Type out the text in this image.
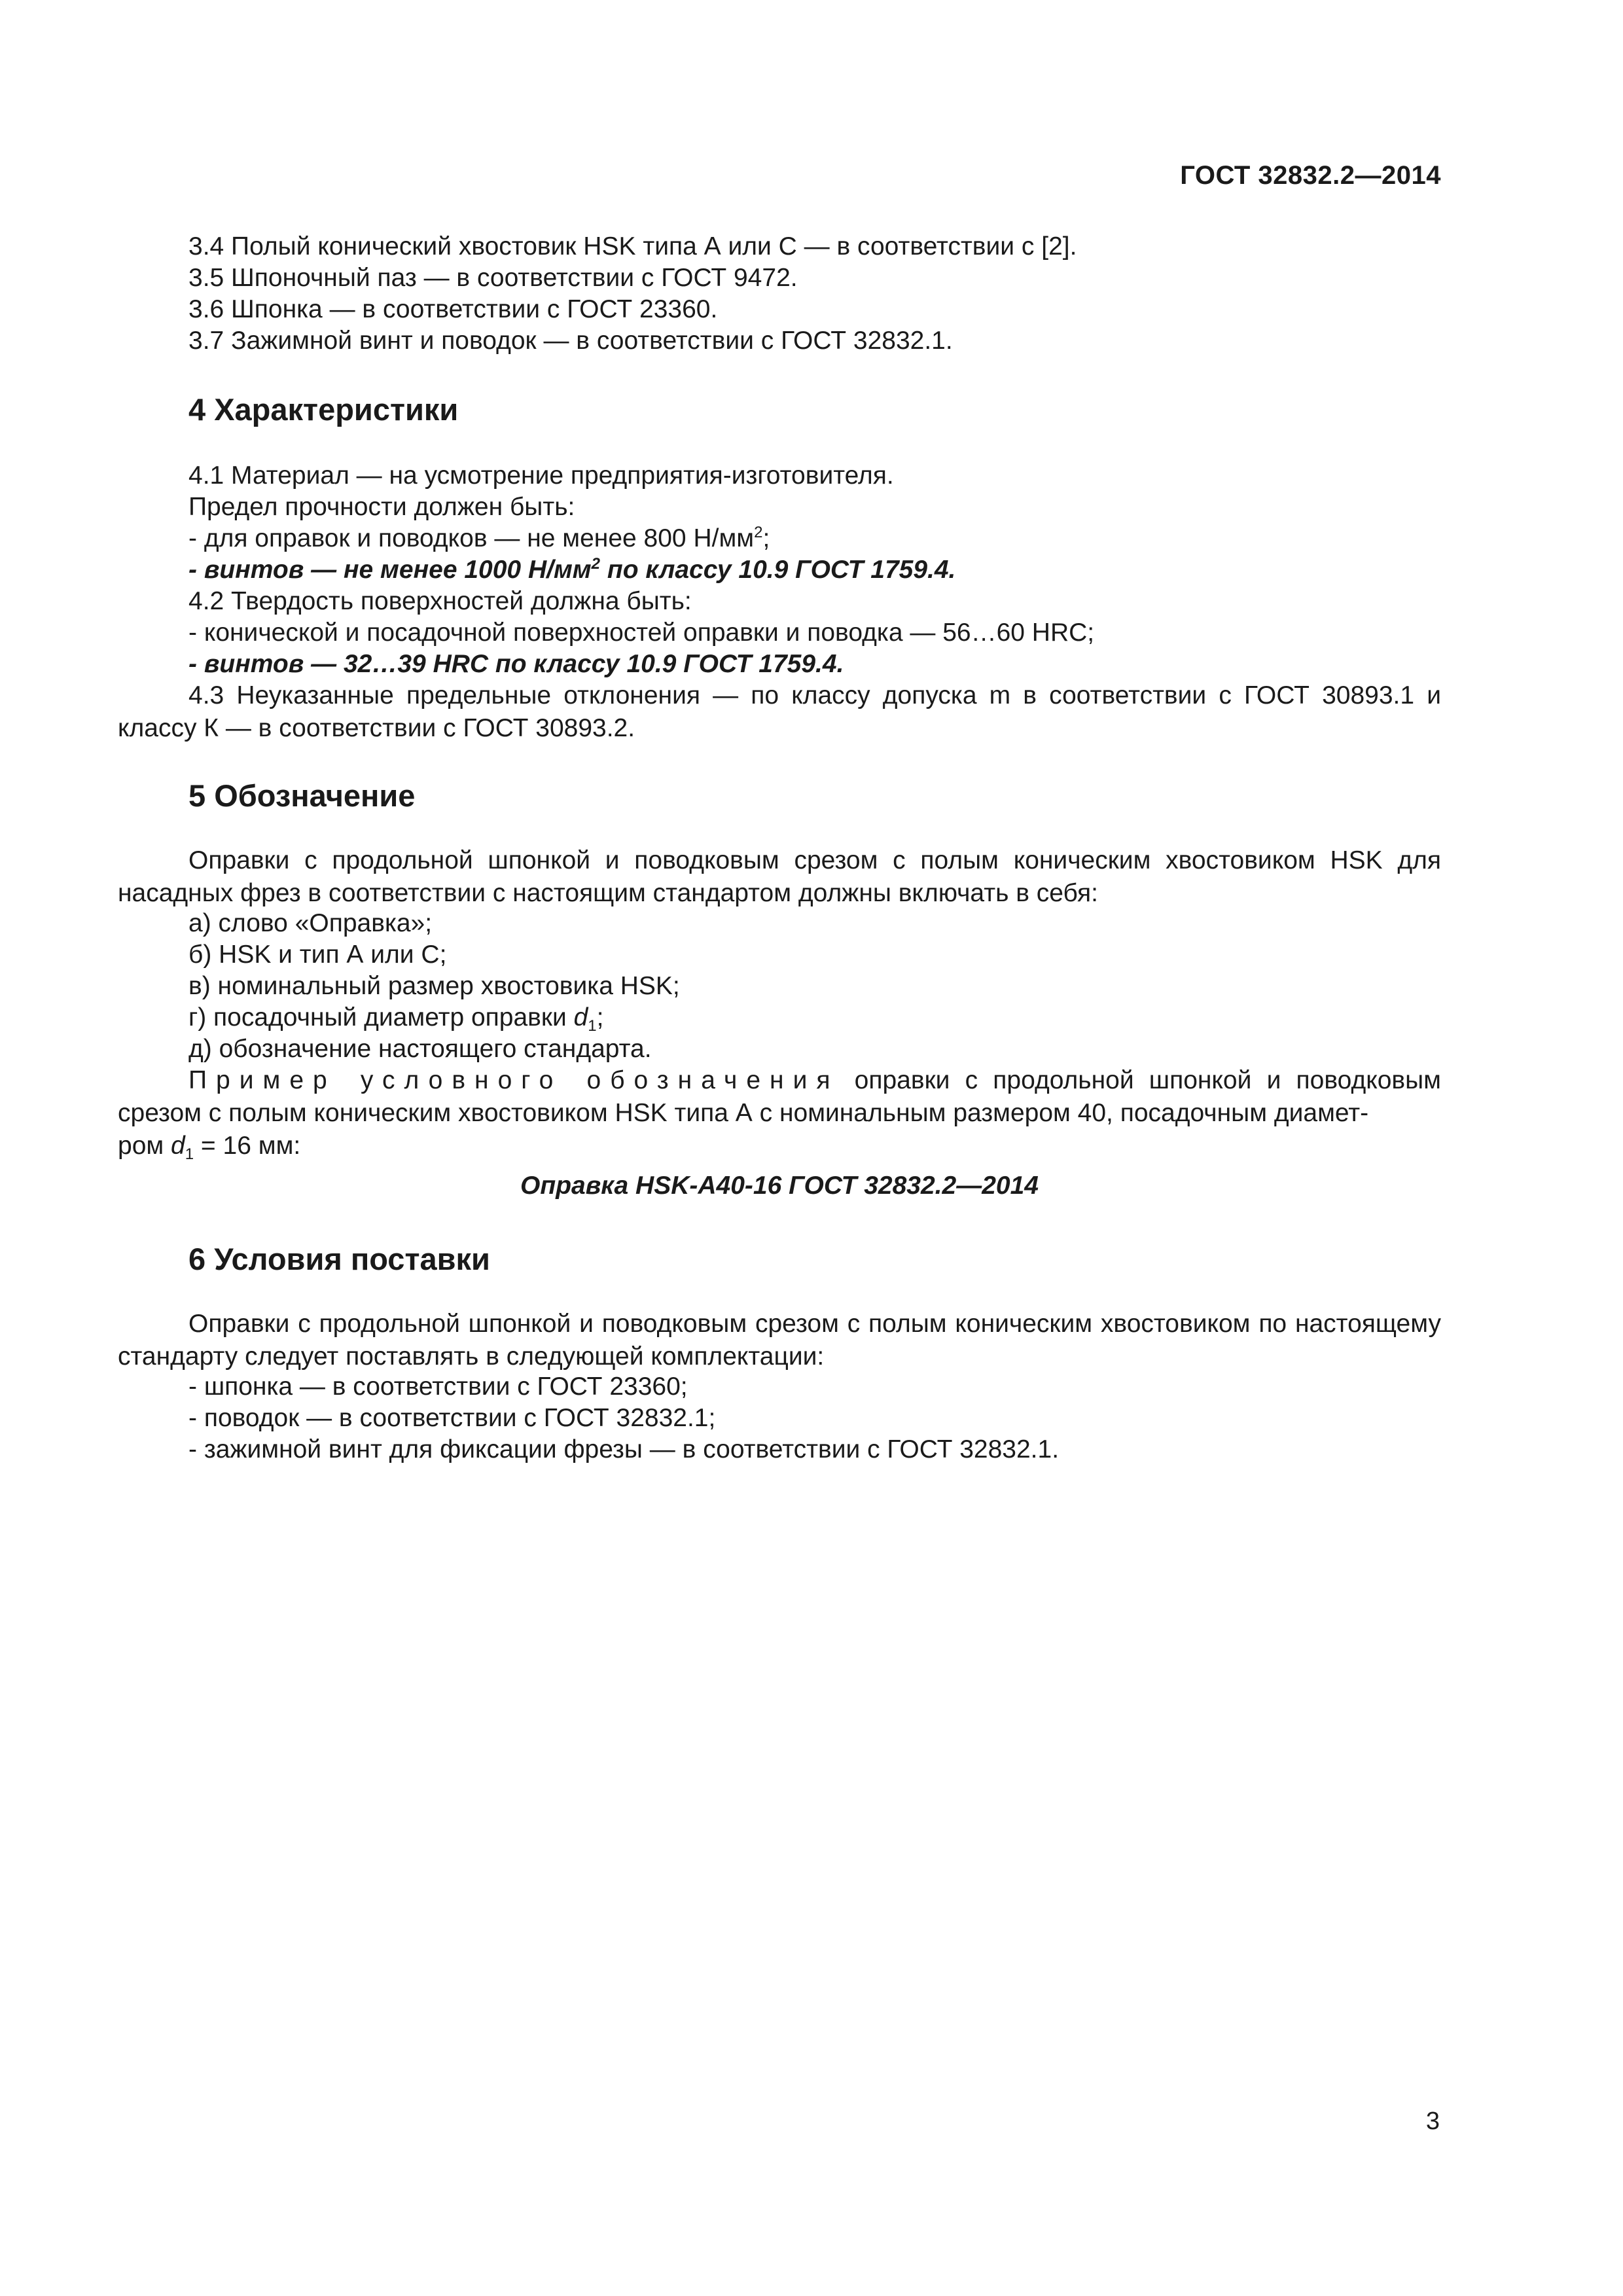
ГОСТ 32832.2—2014
3.4 Полый конический хвостовик HSK типа А или С — в соответствии с [2].
3.5 Шпоночный паз — в соответствии с ГОСТ 9472.
3.6 Шпонка — в соответствии с ГОСТ 23360.
3.7 Зажимной винт и поводок — в соответствии с ГОСТ 32832.1.
4 Характеристики
4.1 Материал — на усмотрение предприятия-изготовителя.
Предел прочности должен быть:
- для оправок и поводков — не менее 800 $Н/мм^2$;
- винтов — не менее 1000 $Н/мм^2$ по классу 10.9 ГОСТ 1759.4.
4.2 Твердость поверхностей должна быть:
- конической и посадочной поверхностей оправки и поводка — 56…60 HRC;
- винтов — 32…39 HRC по классу 10.9 ГОСТ 1759.4.
4.3 Неуказанные предельные отклонения — по классу допуска m в соответствии с ГОСТ 30893.1 и классу К — в соответствии с ГОСТ 30893.2.
5 Обозначение
Оправки с продольной шпонкой и поводковым срезом с полым коническим хвостовиком HSK для насадных фрез в соответствии с настоящим стандартом должны включать в себя:
а) слово «Оправка»;
б) HSK и тип А или С;
в) номинальный размер хвостовика HSK;
г) посадочный диаметр оправки $d_1$;
д) обозначение настоящего стандарта.
Пример условного обозначения оправки с продольной шпонкой и поводковым срезом с полым коническим хвостовиком HSK типа А с номинальным размером 40, посадочным диамет-
ром $d_1 = 16$ мм:
Оправка HSK-A40-16 ГОСТ 32832.2—2014
6 Условия поставки
Оправки с продольной шпонкой и поводковым срезом с полым коническим хвостовиком по настоящему стандарту следует поставлять в следующей комплектации:
- шпонка — в соответствии с ГОСТ 23360;
- поводок — в соответствии с ГОСТ 32832.1;
- зажимной винт для фиксации фрезы — в соответствии с ГОСТ 32832.1.
3
